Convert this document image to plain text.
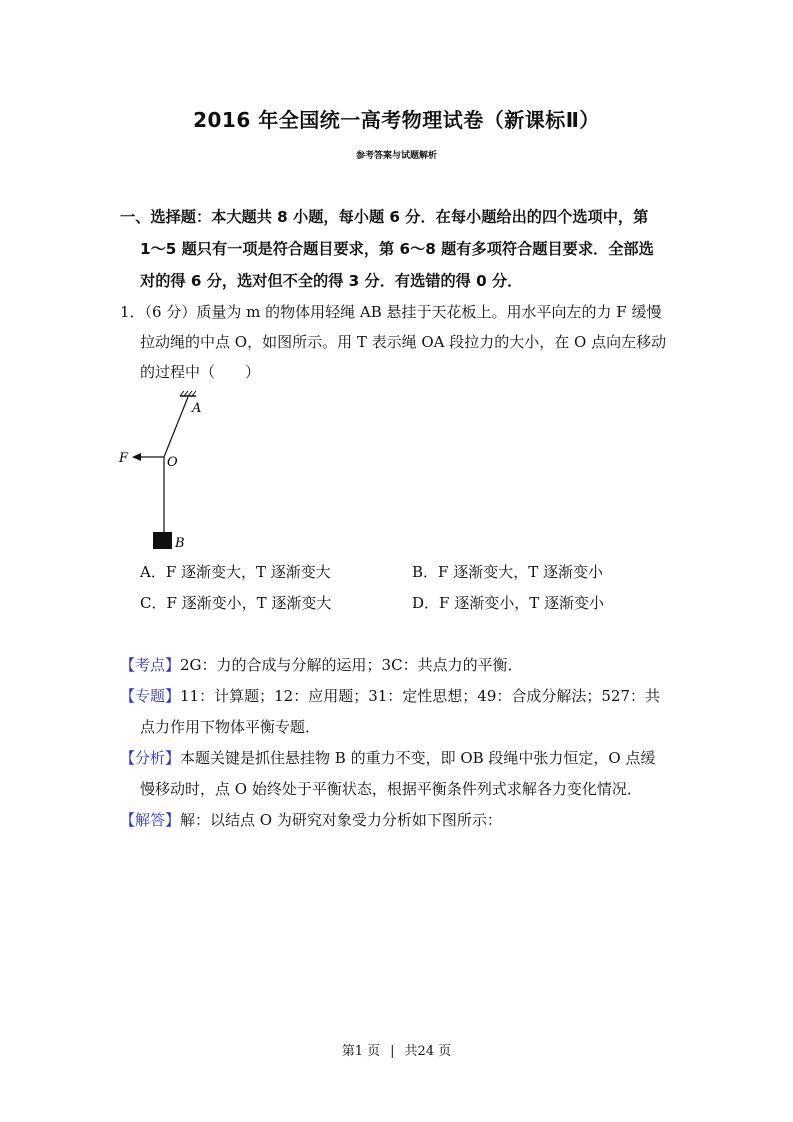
2016 年全国统一高考物理试卷（新课标Ⅱ）
参考答案与试题解析
一、选择题：本大题共 8 小题，每小题 6 分．在每小题给出的四个选项中，第
1～5 题只有一项是符合题目要求，第 6～8 题有多项符合题目要求．全部选
对的得 6 分，选对但不全的得 3 分．有选错的得 0 分．
1．（6 分）质量为 m 的物体用轻绳 AB 悬挂于天花板上。用水平向左的力 F 缓慢
拉动绳的中点 O，如图所示。用 T 表示绳 OA 段拉力的大小，在 O 点向左移动
的过程中（　　）
A
O
F
B
A．F 逐渐变大，T 逐渐变大	B．F 逐渐变大，T 逐渐变小
C．F 逐渐变小，T 逐渐变大	D．F 逐渐变小，T 逐渐变小
【考点】2G：力的合成与分解的运用；3C：共点力的平衡．
【专题】11：计算题；12：应用题；31：定性思想；49：合成分解法；527：共
点力作用下物体平衡专题．
【分析】本题关键是抓住悬挂物 B 的重力不变，即 OB 段绳中张力恒定，O 点缓
慢移动时，点 O 始终处于平衡状态，根据平衡条件列式求解各力变化情况．
【解答】解：以结点 O 为研究对象受力分析如下图所示：
第1 页 | 共24 页
